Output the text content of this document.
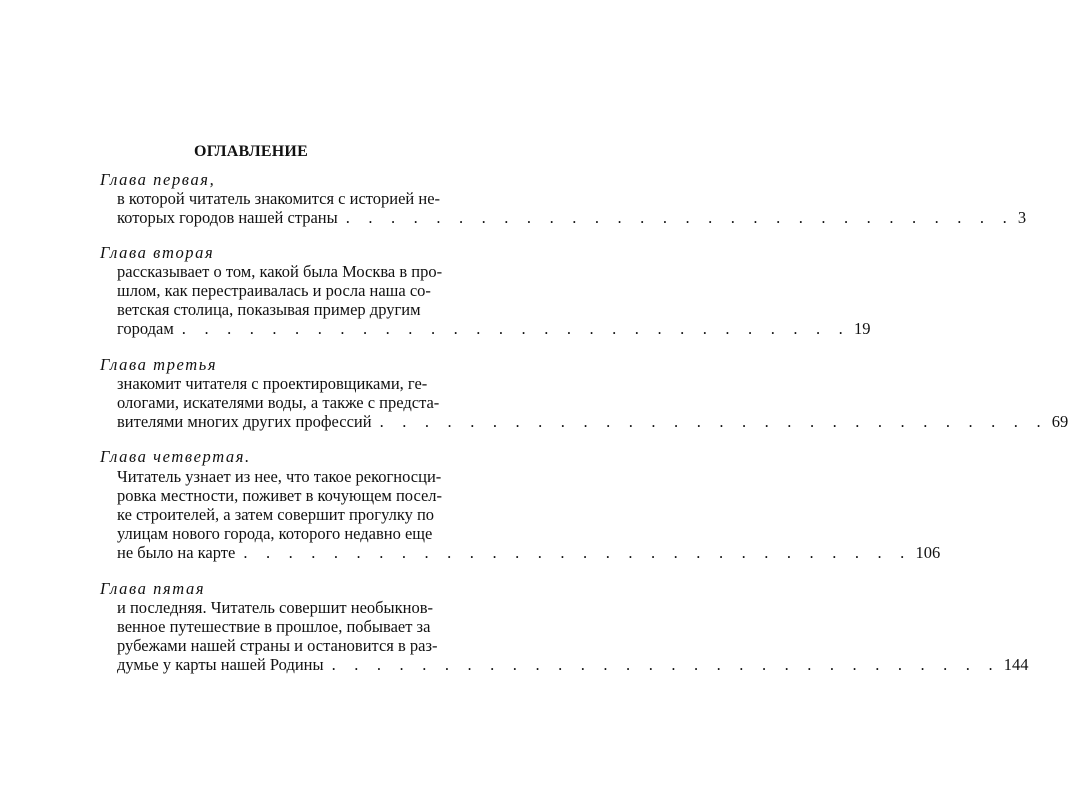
ОГЛАВЛЕНИЕ
Глава первая,
в которой читатель знакомится с историей не-
которых городов нашей страны . . . . . . . . . . . . . . . . . . . . . . . . . . . . . . 3
Глава вторая
рассказывает о том, какой была Москва в про-
шлом, как перестраивалась и росла наша со-
ветская столица, показывая пример другим
городам . . . . . . . . . . . . . . . . . . . . . . . . . . . . . . 19
Глава третья
знакомит читателя с проектировщиками, ге-
ологами, искателями воды, а также с предста-
вителями многих других профессий . . . . . . . . . . . . . . . . . . . . . . . . . . . . . . 69
Глава четвертая.
Читатель узнает из нее, что такое рекогносци-
ровка местности, поживет в кочующем посел-
ке строителей, а затем совершит прогулку по
улицам нового города, которого недавно еще
не было на карте . . . . . . . . . . . . . . . . . . . . . . . . . . . . . . 106
Глава пятая
и последняя. Читатель совершит необыкнов-
венное путешествие в прошлое, побывает за
рубежами нашей страны и остановится в раз-
думье у карты нашей Родины . . . . . . . . . . . . . . . . . . . . . . . . . . . . . . 144
